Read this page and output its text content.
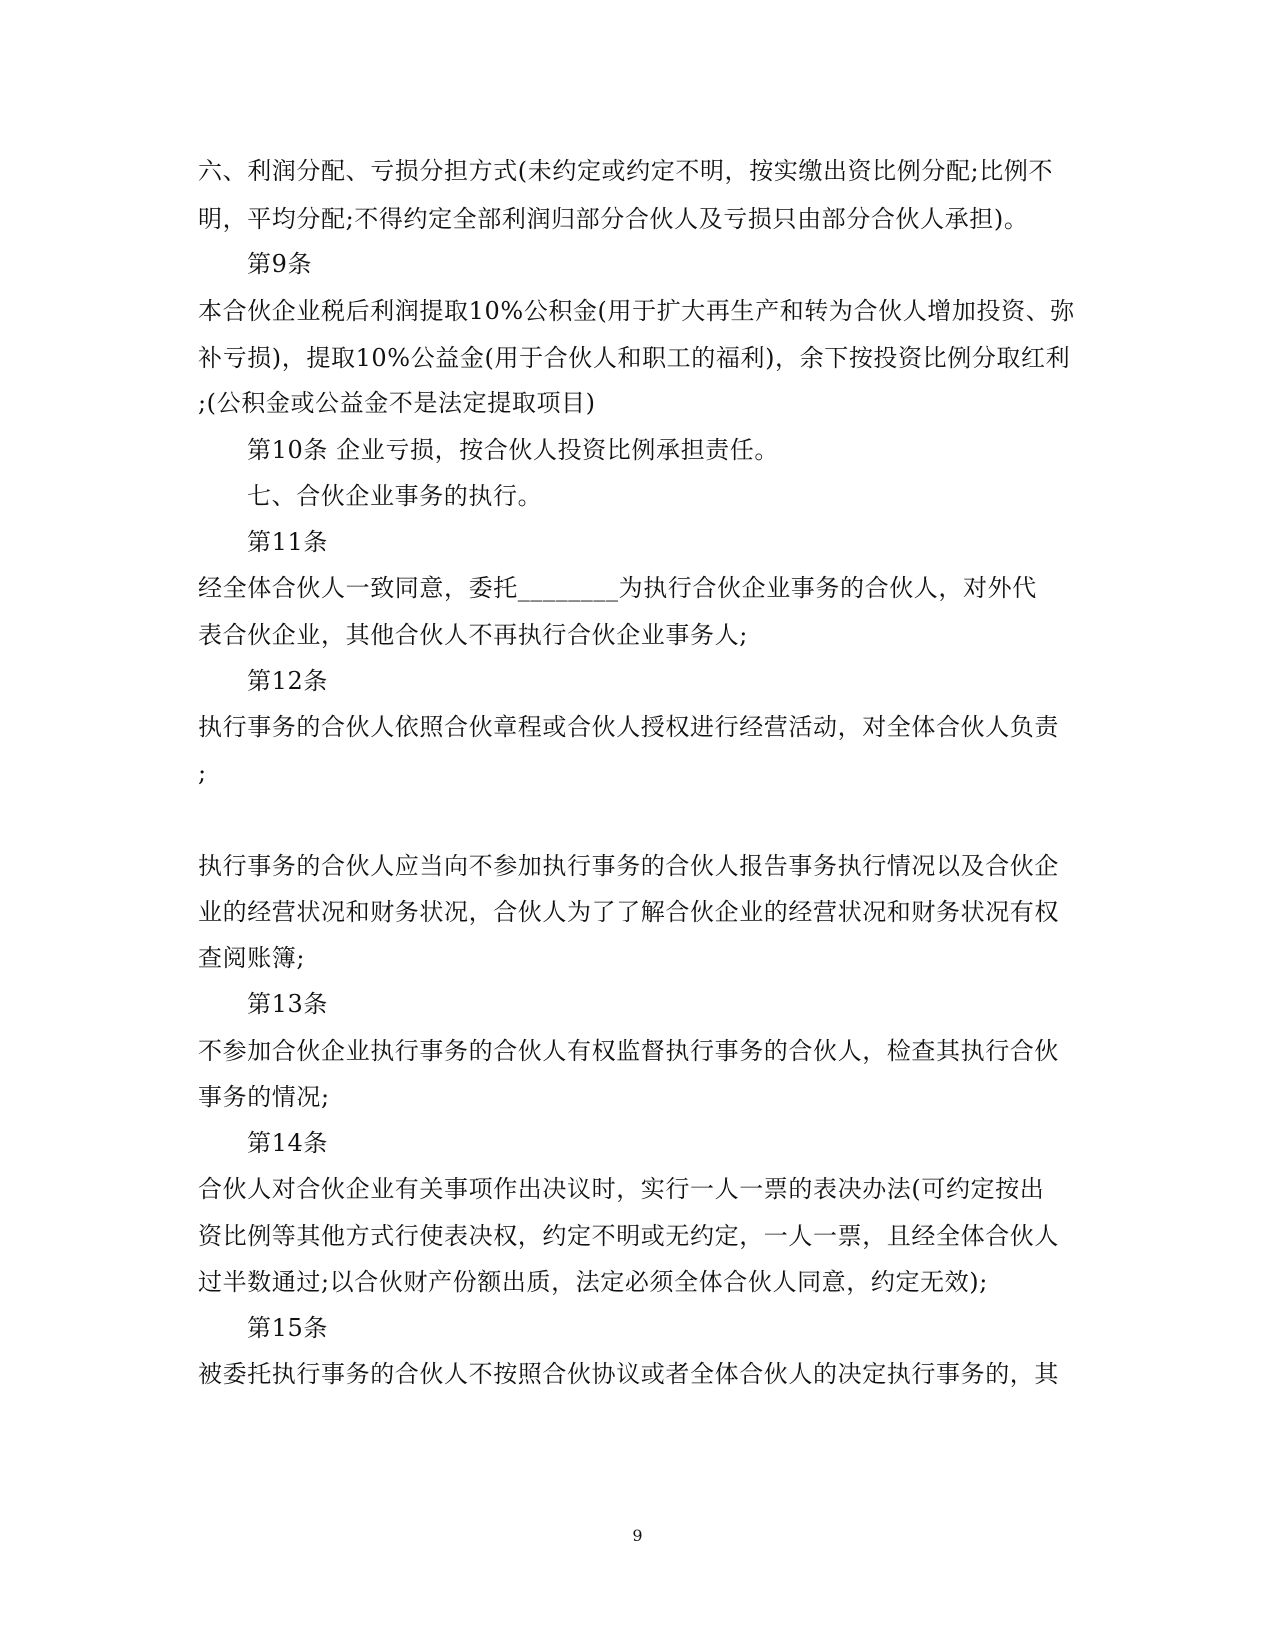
六、利润分配、亏损分担方式(未约定或约定不明，按实缴出资比例分配;比例不
明，平均分配;不得约定全部利润归部分合伙人及亏损只由部分合伙人承担)。
第9条
本合伙企业税后利润提取10%公积金(用于扩大再生产和转为合伙人增加投资、弥
补亏损)，提取10%公益金(用于合伙人和职工的福利)，余下按投资比例分取红利
;(公积金或公益金不是法定提取项目)
第10条 企业亏损，按合伙人投资比例承担责任。
七、合伙企业事务的执行。
第11条
经全体合伙人一致同意，委托________为执行合伙企业事务的合伙人，对外代
表合伙企业，其他合伙人不再执行合伙企业事务人;
第12条
执行事务的合伙人依照合伙章程或合伙人授权进行经营活动，对全体合伙人负责
;
执行事务的合伙人应当向不参加执行事务的合伙人报告事务执行情况以及合伙企
业的经营状况和财务状况，合伙人为了了解合伙企业的经营状况和财务状况有权
查阅账簿;
第13条
不参加合伙企业执行事务的合伙人有权监督执行事务的合伙人，检查其执行合伙
事务的情况;
第14条
合伙人对合伙企业有关事项作出决议时，实行一人一票的表决办法(可约定按出
资比例等其他方式行使表决权，约定不明或无约定，一人一票，且经全体合伙人
过半数通过;以合伙财产份额出质，法定必须全体合伙人同意，约定无效);
第15条
被委托执行事务的合伙人不按照合伙协议或者全体合伙人的决定执行事务的，其
9
